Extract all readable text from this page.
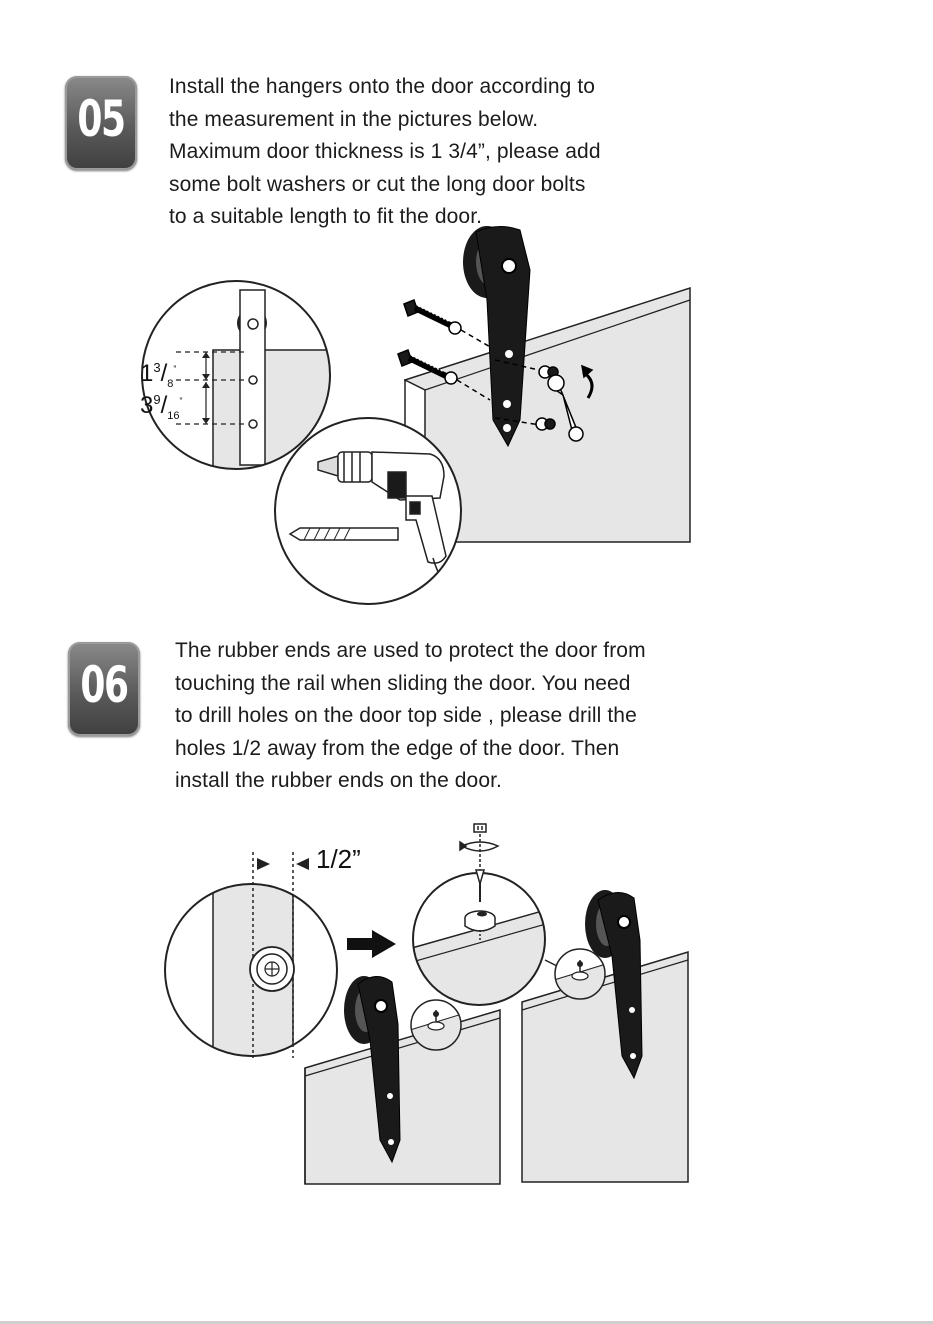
05

Install the hangers onto the door according to
the measurement in the pictures below.
Maximum door thickness is 1 3/4”, please add
some bolt washers or cut the long door bolts
to a suitable length to fit the door.

$1^3/_8^”$
$3^9/_{16}^”$
06

The rubber ends are used to protect the door from
touching the rail when sliding the door. You need
to drill holes on the door top side , please drill the
holes 1/2 away from the edge of the door. Then
install the rubber ends on the door.

1/2”
